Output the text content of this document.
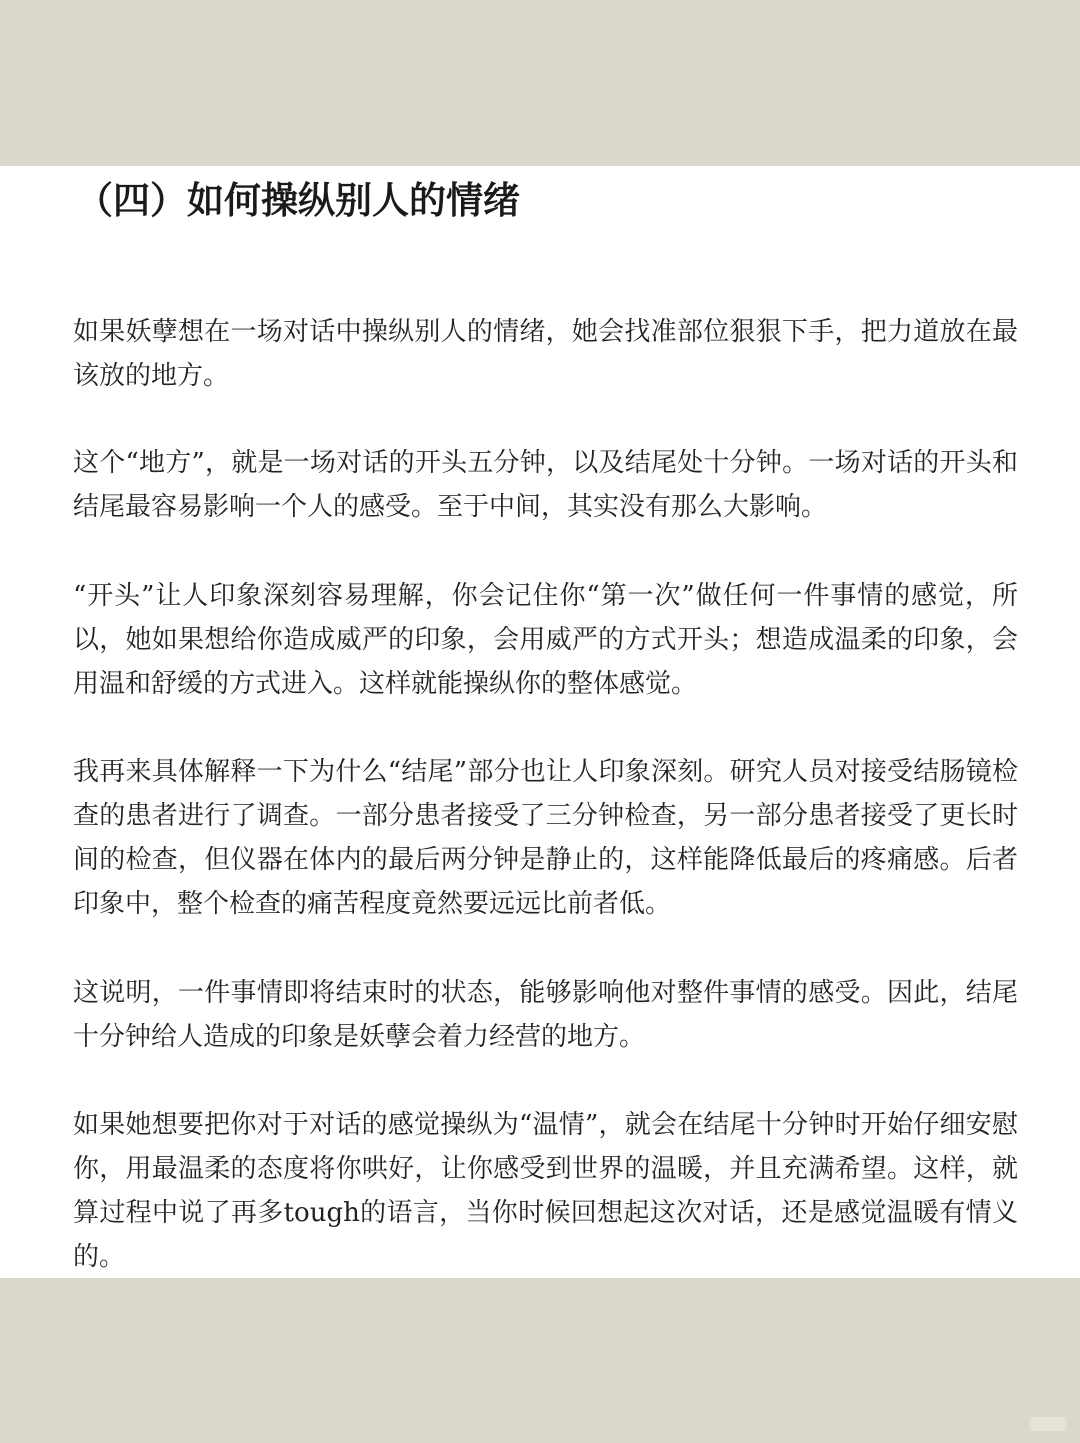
（四）如何操纵别人的情绪

如果妖孽想在一场对话中操纵别人的情绪，她会找准部位狠狠下手，把力道放在最该放的地方。

这个“地方”，就是一场对话的开头五分钟，以及结尾处十分钟。一场对话的开头和结尾最容易影响一个人的感受。至于中间，其实没有那么大影响。

“开头”让人印象深刻容易理解，你会记住你“第一次”做任何一件事情的感觉，所以，她如果想给你造成威严的印象，会用威严的方式开头；想造成温柔的印象，会用温和舒缓的方式进入。这样就能操纵你的整体感觉。

我再来具体解释一下为什么“结尾”部分也让人印象深刻。研究人员对接受结肠镜检查的患者进行了调查。一部分患者接受了三分钟检查，另一部分患者接受了更长时间的检查，但仪器在体内的最后两分钟是静止的，这样能降低最后的疼痛感。后者印象中，整个检查的痛苦程度竟然要远远比前者低。

这说明，一件事情即将结束时的状态，能够影响他对整件事情的感受。因此，结尾十分钟给人造成的印象是妖孽会着力经营的地方。

如果她想要把你对于对话的感觉操纵为“温情”，就会在结尾十分钟时开始仔细安慰你，用最温柔的态度将你哄好，让你感受到世界的温暖，并且充满希望。这样，就算过程中说了再多tough的语言，当你时候回想起这次对话，还是感觉温暖有情义的。
